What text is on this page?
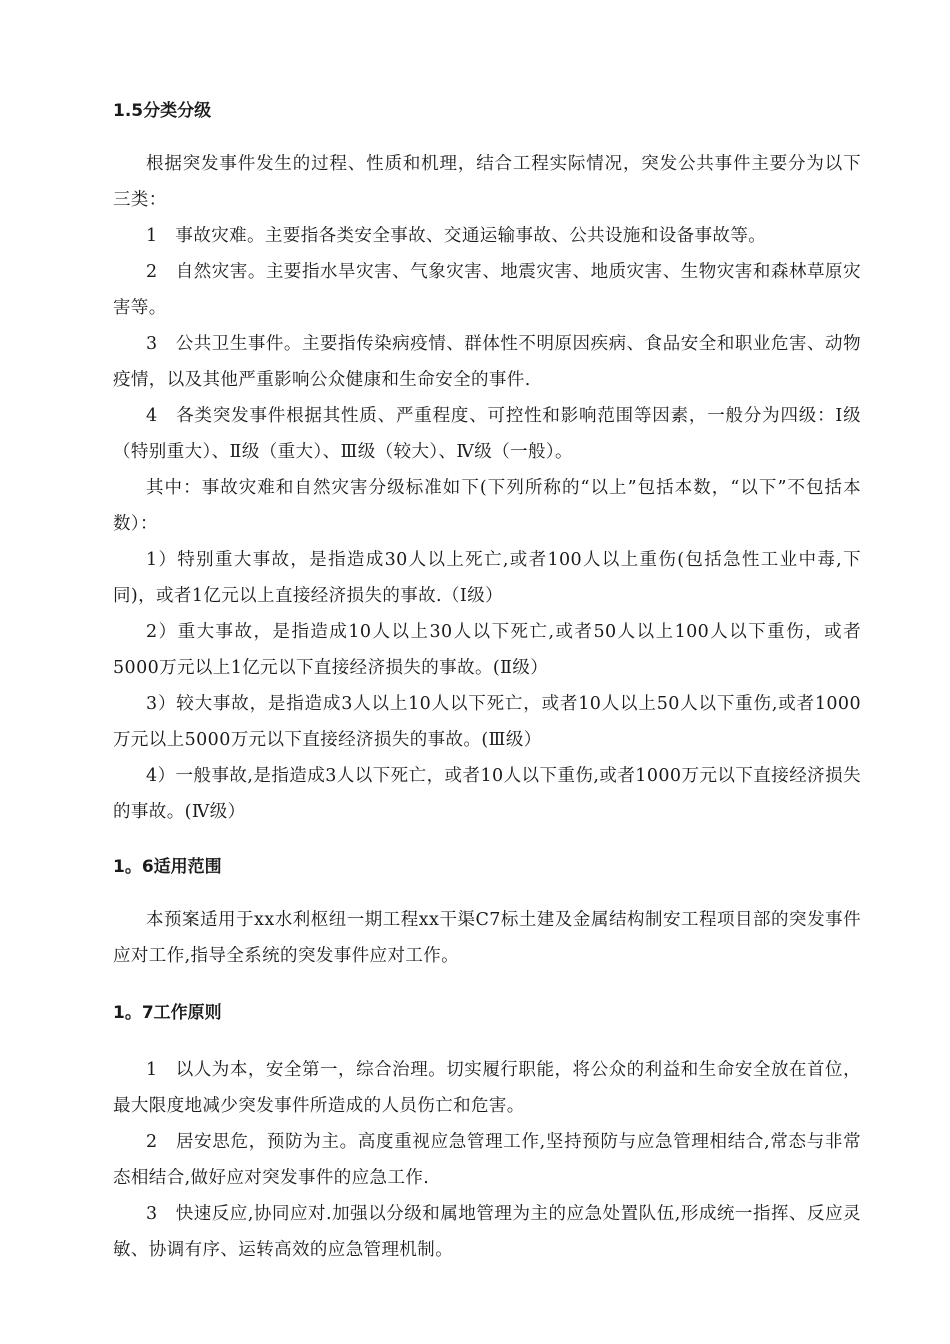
1.5分类分级

根据突发事件发生的过程、性质和机理，结合工程实际情况，突发公共事件主要分为以下三类：

1　事故灾难。主要指各类安全事故、交通运输事故、公共设施和设备事故等。

2　自然灾害。主要指水旱灾害、气象灾害、地震灾害、地质灾害、生物灾害和森林草原灾害等。

3　公共卫生事件。主要指传染病疫情、群体性不明原因疾病、食品安全和职业危害、动物疫情，以及其他严重影响公众健康和生命安全的事件.

4　各类突发事件根据其性质、严重程度、可控性和影响范围等因素，一般分为四级：Ⅰ级（特别重大）、Ⅱ级（重大）、Ⅲ级（较大）、Ⅳ级（一般）。

其中：事故灾难和自然灾害分级标准如下(下列所称的“以上”包括本数，“以下”不包括本数）：

1）特别重大事故，是指造成30人以上死亡,或者100人以上重伤(包括急性工业中毒,下同)，或者1亿元以上直接经济损失的事故.（Ⅰ级）

2）重大事故，是指造成10人以上30人以下死亡,或者50人以上100人以下重伤，或者5000万元以上1亿元以下直接经济损失的事故。(Ⅱ级）

3）较大事故，是指造成3人以上10人以下死亡，或者10人以上50人以下重伤,或者1000万元以上5000万元以下直接经济损失的事故。(Ⅲ级）

4）一般事故,是指造成3人以下死亡，或者10人以下重伤,或者1000万元以下直接经济损失的事故。(Ⅳ级）

1。6适用范围

本预案适用于xx水利枢纽一期工程xx干渠C7标土建及金属结构制安工程项目部的突发事件应对工作,指导全系统的突发事件应对工作。

1。7工作原则

1　以人为本，安全第一，综合治理。切实履行职能，将公众的利益和生命安全放在首位，最大限度地减少突发事件所造成的人员伤亡和危害。

2　居安思危，预防为主。高度重视应急管理工作,坚持预防与应急管理相结合,常态与非常态相结合,做好应对突发事件的应急工作.

3　快速反应,协同应对.加强以分级和属地管理为主的应急处置队伍,形成统一指挥、反应灵敏、协调有序、运转高效的应急管理机制。
